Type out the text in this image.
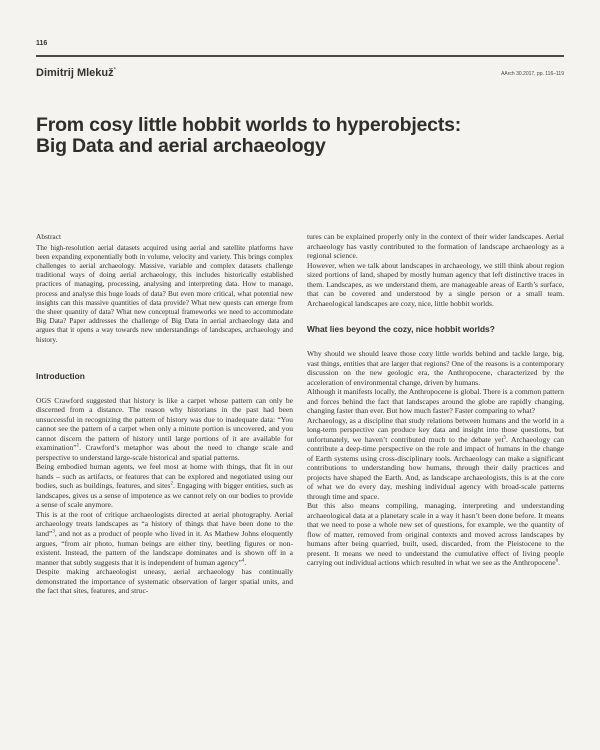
116
Dimitrij Mlekuž*
AArch 30.2017, pp. 116–119
From cosy little hobbit worlds to hyperobjects:
Big Data and aerial archaeology
Abstract

The high-resolution aerial datasets acquired using aerial and satellite platforms have been expanding exponentially both in volume, velocity and variety. This brings complex challenges to aerial archaeology. Massive, variable and complex datasets challenge traditional ways of doing aerial archaeology, this includes historically established practices of managing, processing, analysing and interpreting data. How to manage, process and analyse this huge loads of data? But even more critical, what potential new insights can this massive quantities of data provide? What new quests can emerge from the sheer quantity of data? What new conceptual frameworks we need to accommodate Big Data? Paper addresses the challenge of Big Data in aerial archaeology data and argues that it opens a way towards new understandings of landscapes, archaeology and history.

Introduction

OGS Crawford suggested that history is like a carpet whose pattern can only be discerned from a distance. The reason why historians in the past had been unsuccessful in recognizing the pattern of history was due to inadequate data: “You cannot see the pattern of a carpet when only a minute portion is uncovered, and you cannot discern the pattern of history until large portions of it are available for examination”$^1$. Crawford’s metaphor was about the need to change scale and perspective to understand large-scale historical and spatial patterns.

Being embodied human agents, we feel most at home with things, that fit in our hands – such as artifacts, or features that can be explored and negotiated using our bodies, such as buildings, features, and sites$^2$. Engaging with bigger entities, such as landscapes, gives us a sense of impotence as we cannot rely on our bodies to provide a sense of scale anymore.

This is at the root of critique archaeologists directed at aerial photography. Aerial archaeology treats landscapes as “a history of things that have been done to the land”$^3$, and not as a product of people who lived in it. As Mathew Johns eloquently argues, “from air photo, human beings are either tiny, beetling figures or non-existent. Instead, the pattern of the landscape dominates and is shown off in a manner that subtly suggests that it is independent of human agency”$^4$.

Despite making archaeologist uneasy, aerial archaeology has continually demonstrated the importance of systematic observation of larger spatial units, and the fact that sites, features, and struc-

tures can be explained properly only in the context of their wider landscapes. Aerial archaeology has vastly contributed to the formation of landscape archaeology as a regional science.

However, when we talk about landscapes in archaeology, we still think about region sized portions of land, shaped by mostly human agency that left distinctive traces in them. Landscapes, as we understand them, are manageable areas of Earth’s surface, that can be covered and understood by a single person or a small team. Archaeological landscapes are cozy, nice, little hobbit worlds.

What lies beyond the cozy, nice hobbit worlds?

Why should we should leave those cozy little worlds behind and tackle large, big, vast things, entities that are larger that regions? One of the reasons is a contemporary discussion on the new geologic era, the Anthropocene, characterized by the acceleration of environmental change, driven by humans.

Although it manifests locally, the Anthropocene is global. There is a common pattern and forces behind the fact that landscapes around the globe are rapidly changing, changing faster than ever. But how much faster? Faster comparing to what?

Archaeology, as a discipline that study relations between humans and the world in a long-term perspective can produce key data and insight into those questions, but unfortunately, we haven’t contributed much to the debate yet$^5$. Archaeology can contribute a deep-time perspective on the role and impact of humans in the change of Earth systems using cross-disciplinary tools. Archaeology can make a significant contributions to understanding how humans, through their daily practices and projects have shaped the Earth. And, as landscape archaeologists, this is at the core of what we do every day, meshing individual agency with broad-scale patterns through time and space.

But this also means compiling, managing, interpreting and understanding archaeological data at a planetary scale in a way it hasn’t been done before. It means that we need to pose a whole new set of questions, for example, we the quantity of flow of matter, removed from original contexts and moved across landscapes by humans after being quarried, built, used, discarded, from the Pleistocene to the present. It means we need to understand the cumulative effect of living people carrying out individual actions which resulted in what we see as the Anthropocene$^6$.
